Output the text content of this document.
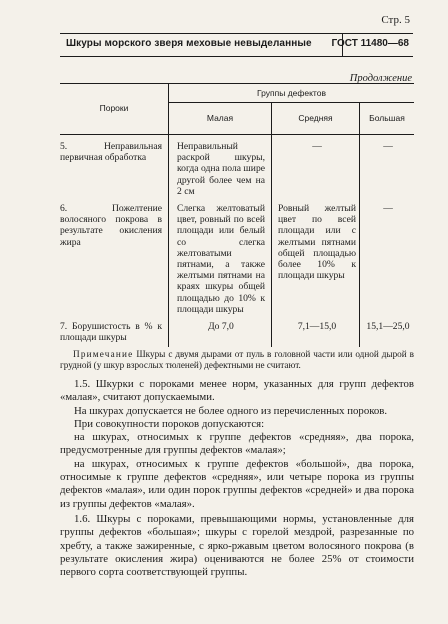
Стр. 5
Шкуры морского зверя меховые невыделанные ГОСТ 11480—68
Продолжение
Пороки	Группы дефектов		
	Малая	Средняя	Большая
5. Неправильная первичная обработка	Неправильный раскрой шкуры, когда одна пола шире другой более чем на 2 см	—	—
6. Пожелтение волосяного покрова в результате окисления жира	Слегка желтоватый цвет, ровный по всей площади или белый со слегка желтоватыми пятнами, а также желтыми пятнами на краях шкуры общей площадью до 10% к площади шкуры	Ровный желтый цвет по всей площади или с желтыми пятнами общей площадью более 10% к площади шкуры	—
7. Борушистость в % к площади шкуры	До 7,0	7,1—15,0	15,1—25,0
Примечание Шкуры с двумя дырами от пуль в головной части или одной дырой в грудной (у шкур взрослых тюленей) дефектными не считают.

1.5. Шкурки с пороками менее норм, указанных для групп дефектов «малая», считают допускаемыми.

На шкурах допускается не более одного из перечисленных пороков.

При совокупности пороков допускаются:

на шкурах, относимых к группе дефектов «средняя», два порока, предусмотренные для группы дефектов «малая»;

на шкурах, относимых к группе дефектов «большой», два порока, относимые к группе дефектов «средняя», или четыре порока из группы дефектов «малая», или один порок группы дефектов «средней» и два порока из группы дефектов «малая».

1.6. Шкуры с пороками, превышающими нормы, установленные для группы дефектов «большая»; шкуры с горелой мездрой, разрезанные по хребту, а также зажиренные, с ярко-ржавым цветом волосяного покрова (в результате окисления жира) оцениваются не более 25% от стоимости первого сорта соответствующей группы.
